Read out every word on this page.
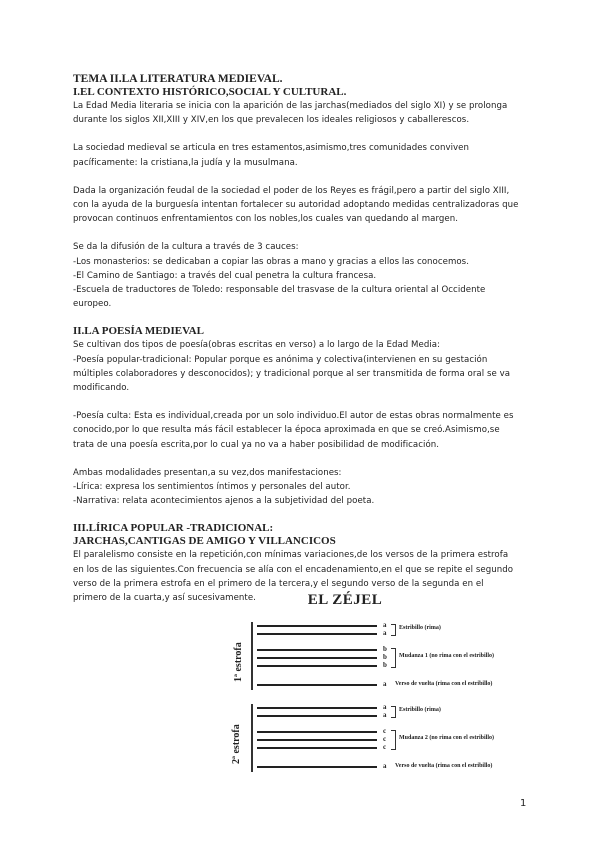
TEMA II.LA LITERATURA MEDIEVAL.
I.EL CONTEXTO HISTÓRICO,SOCIAL Y CULTURAL.

La Edad Media literaria se inicia con la aparición de las jarchas(mediados del siglo XI) y se prolonga

durante los siglos XII,XIII y XIV,en los que prevalecen los ideales religiosos y caballerescos.

La sociedad medieval se articula en tres estamentos,asimismo,tres comunidades conviven

pacíficamente: la cristiana,la judía y la musulmana.

Dada la organización feudal de la sociedad el poder de los Reyes es frágil,pero a partir del siglo XIII,

con la ayuda de la burguesía intentan fortalecer su autoridad adoptando medidas centralizadoras que

provocan continuos enfrentamientos con los nobles,los cuales van quedando al margen.

Se da la difusión de la cultura a través de 3 cauces:

-Los monasterios: se dedicaban a copiar las obras a mano y gracias a ellos las conocemos.

-El Camino de Santiago: a través del cual penetra la cultura francesa.

-Escuela de traductores de Toledo: responsable del trasvase de la cultura oriental al Occidente

europeo.

II.LA POESÍA MEDIEVAL

Se cultivan dos tipos de poesía(obras escritas en verso) a lo largo de la Edad Media:

-Poesía popular-tradicional: Popular porque es anónima y colectiva(intervienen en su gestación

múltiples colaboradores y desconocidos); y tradicional porque al ser transmitida de forma oral se va

modificando.

-Poesía culta: Esta es individual,creada por un solo individuo.El autor de estas obras normalmente es

conocido,por lo que resulta más fácil establecer la época aproximada en que se creó.Asimismo,se

trata de una poesía escrita,por lo cual ya no va a haber posibilidad de modificación.

Ambas modalidades presentan,a su vez,dos manifestaciones:

-Lírica: expresa los sentimientos íntimos y personales del autor.

-Narrativa: relata acontecimientos ajenos a la subjetividad del poeta.

III.LÍRICA POPULAR -TRADICIONAL:
JARCHAS,CANTIGAS DE AMIGO Y VILLANCICOS

El paralelismo consiste en la repetición,con mínimas variaciones,de los versos de la primera estrofa

en los de las siguientes.Con frecuencia se alía con el encadenamiento,en el que se repite el segundo

verso de la primera estrofa en el primero de la tercera,y el segundo verso de la segunda en el

primero de la cuarta,y así sucesivamente.	EL ZÉJEL
1ª estrofa
a
a
b
b
b
a
Estribillo (rima)
Mudanza 1 (no rima con el estribillo)
Verso de vuelta (rima con el estribillo)
2ª estrofa
a
a
c
c
c
a
Estribillo (rima)
Mudanza 2 (no rima con el estribillo)
Verso de vuelta (rima con el estribillo)
1
